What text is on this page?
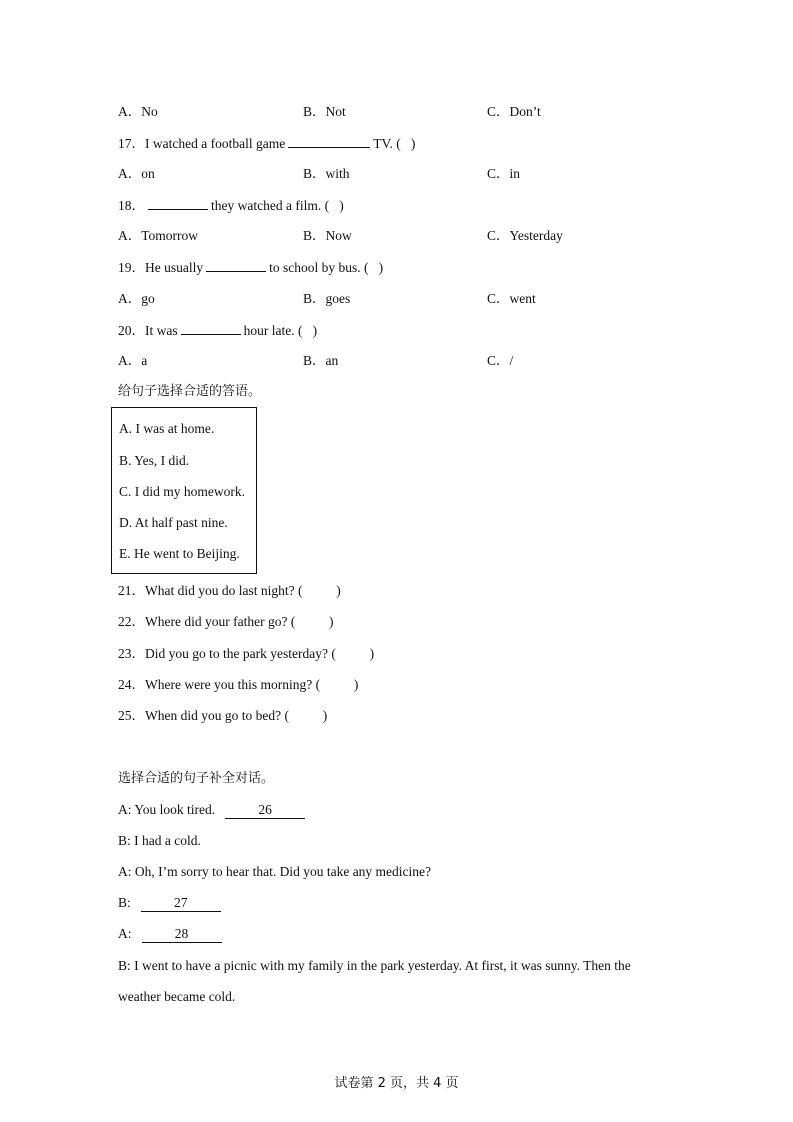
A．No	B．Not	C．Don’t
17．I watched a football game	TV. (   )
A．on	B．with	C．in
18．	they watched a film. (   )
A．Tomorrow	B．Now	C．Yesterday
19．He usually	to school by bus. (   )
A．go	B．goes	C．went
20．It was	hour late. (   )
A．a	B．an	C．/
给句子选择合适的答语。
A. I was at home.
B. Yes, I did.
C. I did my homework.
D. At half past nine.
E. He went to Beijing.
21．What did you do last night? (          )
22．Where did your father go? (          )
23．Did you go to the park yesterday? (          )
24．Where were you this morning? (          )
25．When did you go to bed? (          )
选择合适的句子补全对话。
A: You look tired.	26
B: I had a cold.
A: Oh, I’m sorry to hear that. Did you take any medicine?
B:	27
A:	28
B: I went to have a picnic with my family in the park yesterday. At first, it was sunny. Then the
weather became cold.
试卷第 2 页，共 4 页
